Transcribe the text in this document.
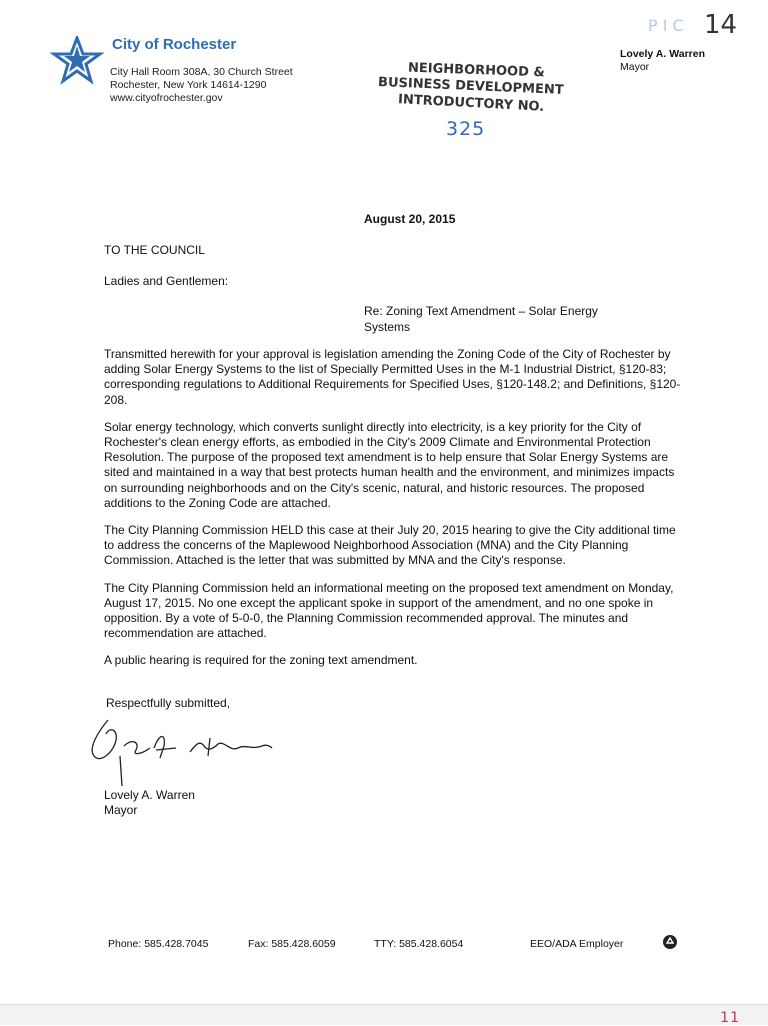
City of Rochester
City Hall Room 308A, 30 Church Street
Rochester, New York 14614-1290
www.cityofrochester.gov
NEIGHBORHOOD &
BUSINESS DEVELOPMENT
INTRODUCTORY NO.
325
P I C 14
Lovely A. Warren
Mayor
August 20, 2015
TO THE COUNCIL
Ladies and Gentlemen:
Re: Zoning Text Amendment – Solar Energy
Systems

Transmitted herewith for your approval is legislation amending the Zoning Code of the City of Rochester by adding Solar Energy Systems to the list of Specially Permitted Uses in the M-1 Industrial District, §120-83; corresponding regulations to Additional Requirements for Specified Uses, §120-148.2; and Definitions, §120-208.

Solar energy technology, which converts sunlight directly into electricity, is a key priority for the City of Rochester's clean energy efforts, as embodied in the City's 2009 Climate and Environmental Protection Resolution. The purpose of the proposed text amendment is to help ensure that Solar Energy Systems are sited and maintained in a way that best protects human health and the environment, and minimizes impacts on surrounding neighborhoods and on the City's scenic, natural, and historic resources. The proposed additions to the Zoning Code are attached.

The City Planning Commission HELD this case at their July 20, 2015 hearing to give the City additional time to address the concerns of the Maplewood Neighborhood Association (MNA) and the City Planning Commission. Attached is the letter that was submitted by MNA and the City's response.

The City Planning Commission held an informational meeting on the proposed text amendment on Monday, August 17, 2015. No one except the applicant spoke in support of the amendment, and no one spoke in opposition. By a vote of 5-0-0, the Planning Commission recommended approval. The minutes and recommendation are attached.

A public hearing is required for the zoning text amendment.

Respectfully submitted,
Lovely A. Warren
Mayor
Phone: 585.428.7045	Fax: 585.428.6059	TTY: 585.428.6054	EEO/ADA Employer
11
